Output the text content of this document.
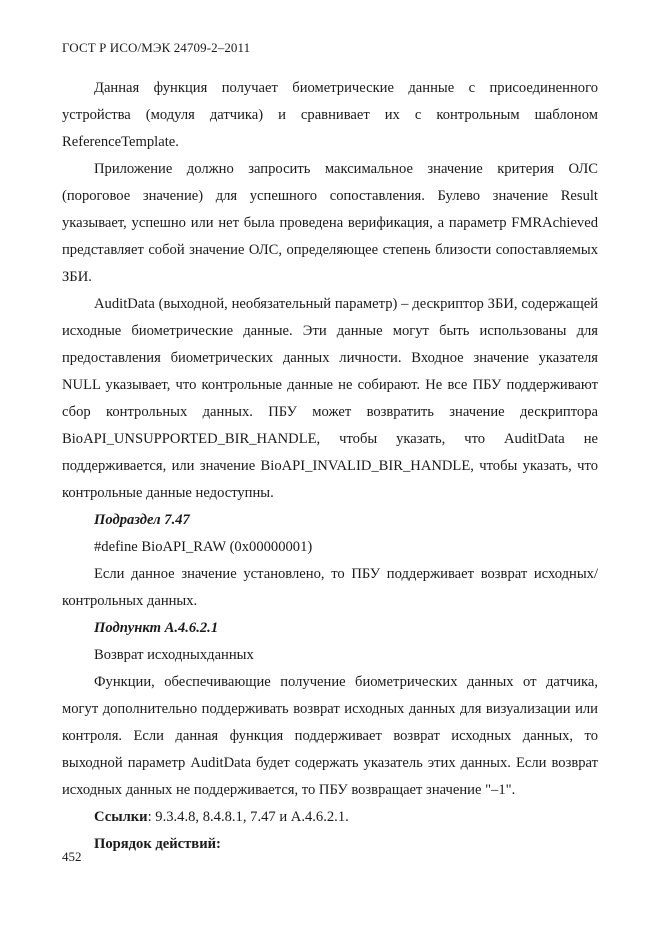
ГОСТ Р ИСО/МЭК 24709-2–2011

Данная функция получает биометрические данные с присоединенного устройства (модуля датчика) и сравнивает их с контрольным шаблоном ReferenceTemplate.

Приложение должно запросить максимальное значение критерия ОЛС (пороговое значение) для успешного сопоставления. Булево значение Result указывает, успешно или нет была проведена верификация, а параметр FMRAchieved представляет собой значение ОЛС, определяющее степень близости сопоставляемых ЗБИ.

AuditData (выходной, необязательный параметр) – дескриптор ЗБИ, содержащей исходные биометрические данные. Эти данные могут быть использованы для предоставления биометрических данных личности. Входное значение указателя NULL указывает, что контрольные данные не собирают. Не все ПБУ поддерживают сбор контрольных данных. ПБУ может возвратить значение дескриптора BioAPI_UNSUPPORTED_BIR_HANDLE, чтобы указать, что AuditData не поддерживается, или значение BioAPI_INVALID_BIR_HANDLE, чтобы указать, что контрольные данные недоступны.

Подраздел 7.47

#define BioAPI_RAW (0x00000001)

Если данное значение установлено, то ПБУ поддерживает возврат исходных/контрольных данных.

Подпункт А.4.6.2.1

Возврат исходныхданных

Функции, обеспечивающие получение биометрических данных от датчика, могут дополнительно поддерживать возврат исходных данных для визуализации или контроля. Если данная функция поддерживает возврат исходных данных, то выходной параметр AuditData будет содержать указатель этих данных. Если возврат исходных данных не поддерживается, то ПБУ возвращает значение "–1".

Ссылки: 9.3.4.8, 8.4.8.1, 7.47 и А.4.6.2.1.

Порядок действий:

452
